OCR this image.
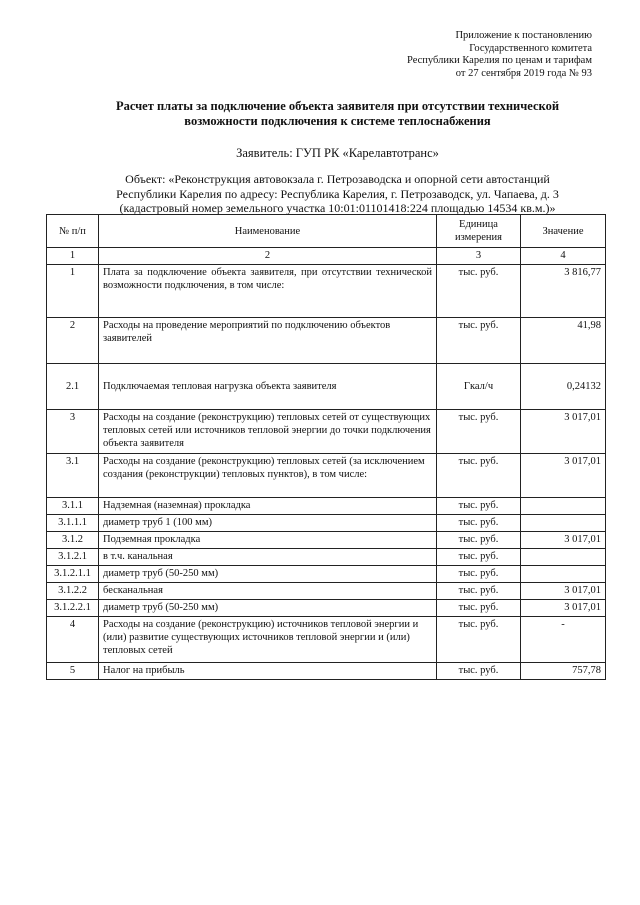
Приложение к постановлению
Государственного комитета
Республики Карелия по ценам и тарифам
от 27 сентября 2019 года № 93
Расчет платы за подключение объекта заявителя при отсутствии технической
возможности подключения к системе теплоснабжения
Заявитель: ГУП РК «Карелавтотранс»
Объект: «Реконструкция автовокзала г. Петрозаводска и опорной сети автостанций
Республики Карелия по адресу: Республика Карелия, г. Петрозаводск, ул. Чапаева, д. 3
(кадастровый номер земельного участка 10:01:01101418:224 площадью 14534 кв.м.)»
№ п/п	Наименование	Единица измерения	Значение
1	2	3	4
1	Плата за подключение объекта заявителя, при отсутствии технической возможности подключения, в том числе:	тыс. руб.	3 816,77
2	Расходы на проведение мероприятий по подключению объектов заявителей	тыс. руб.	41,98
2.1	Подключаемая тепловая нагрузка объекта заявителя	Гкал/ч	0,24132
3	Расходы на создание (реконструкцию) тепловых сетей от существующих тепловых сетей или источников тепловой энергии до точки подключения объекта заявителя	тыс. руб.	3 017,01
3.1	Расходы на создание (реконструкцию) тепловых сетей (за исключением создания (реконструкции) тепловых пунктов), в том числе:	тыс. руб.	3 017,01
3.1.1	Надземная (наземная) прокладка	тыс. руб.	
3.1.1.1	диаметр труб 1 (100 мм)	тыс. руб.	
3.1.2	Подземная прокладка	тыс. руб.	3 017,01
3.1.2.1	в т.ч. канальная	тыс. руб.	
3.1.2.1.1	диаметр труб (50-250 мм)	тыс. руб.	
3.1.2.2	бесканальная	тыс. руб.	3 017,01
3.1.2.2.1	диаметр труб (50-250 мм)	тыс. руб.	3 017,01
4	Расходы на создание (реконструкцию) источников тепловой энергии и (или) развитие существующих источников тепловой энергии и (или) тепловых сетей	тыс. руб.	-
5	Налог на прибыль	тыс. руб.	757,78
